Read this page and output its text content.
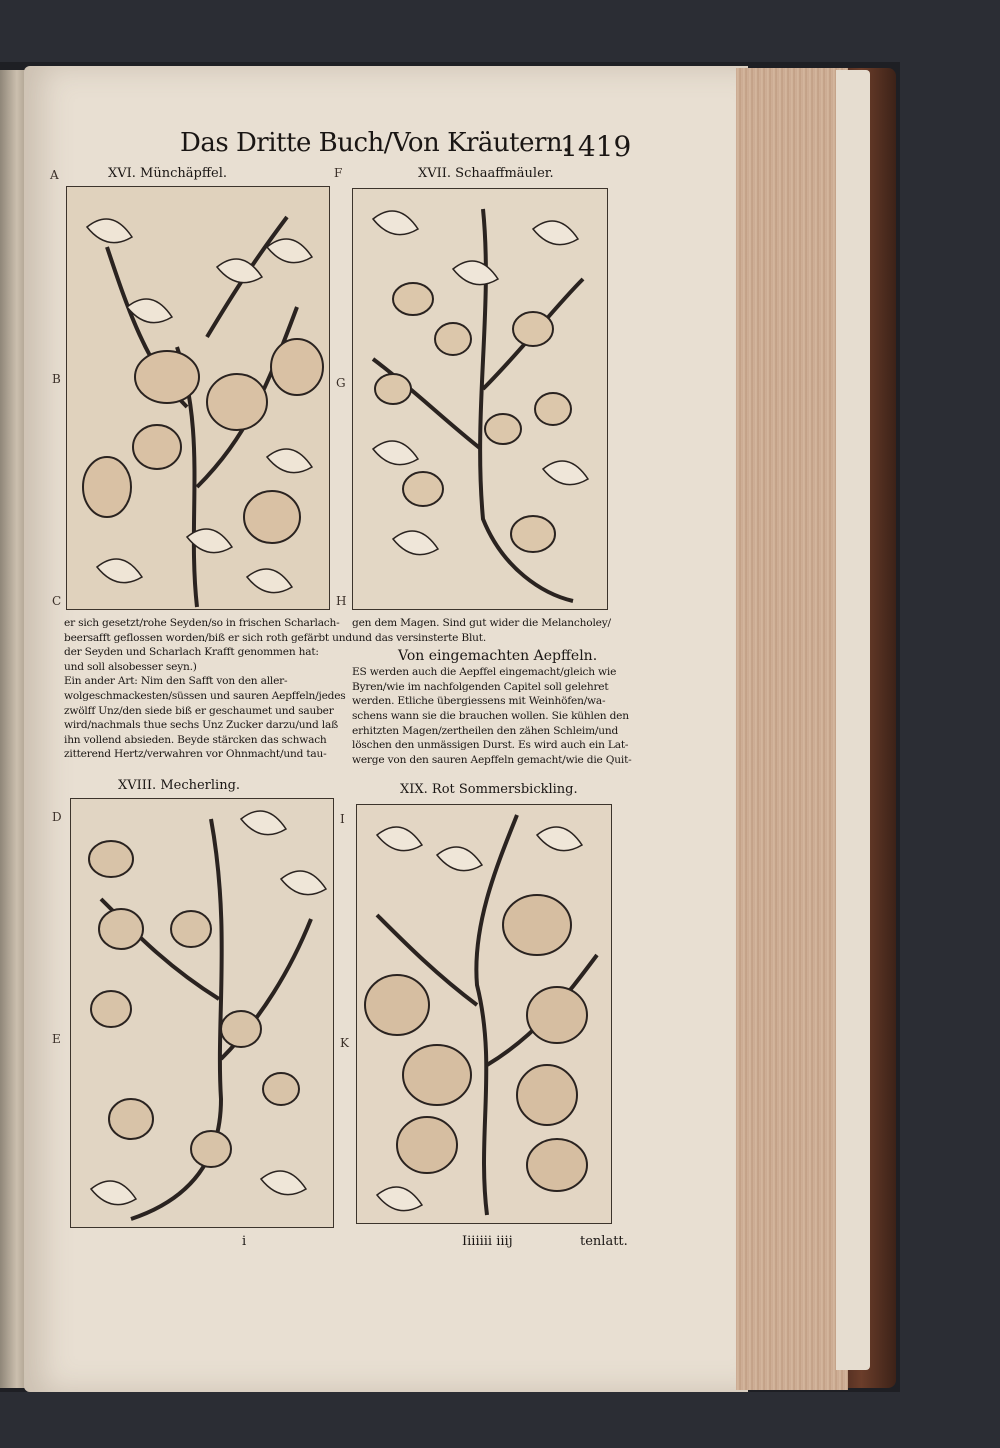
Das Dritte Buch/Von Kräutern.
1419
XVI. Münchäpffel.	XVII. Schaaffmäuler.
XVIII. Mecherling.	XIX. Rot Sommersbickling.
A
B
C
D
E
F
G
H
I
K
er sich gesetzt/rohe Seyden/so in frischen Scharlach-
beersafft geflossen worden/biß er sich roth gefärbt und
der Seyden und Scharlach Krafft genommen hat:
und soll alsobesser seyn.)
Ein ander Art: Nim den Safft von den aller-
wolgeschmackesten/süssen und sauren Aepffeln/jedes
zwölff Unz/den siede biß er geschaumet und sauber
wird/nachmals thue sechs Unz Zucker darzu/und laß
ihn vollend absieden. Beyde stärcken das schwach
zitterend Hertz/verwahren vor Ohnmacht/und tau-
gen dem Magen. Sind gut wider die Melancholey/
und das versinsterte Blut.
Von eingemachten Aepffeln.
ES werden auch die Aepffel eingemacht/gleich wie
Byren/wie im nachfolgenden Capitel soll gelehret
werden. Etliche übergiessens mit Weinhöfen/wa-
schens wann sie die brauchen wollen. Sie kühlen den
erhitzten Magen/zertheilen den zähen Schleim/und
löschen den unmässigen Durst. Es wird auch ein Lat-
werge von den sauren Aepffeln gemacht/wie die Quit-
i	Iiiiiii iiij	tenlatt.
